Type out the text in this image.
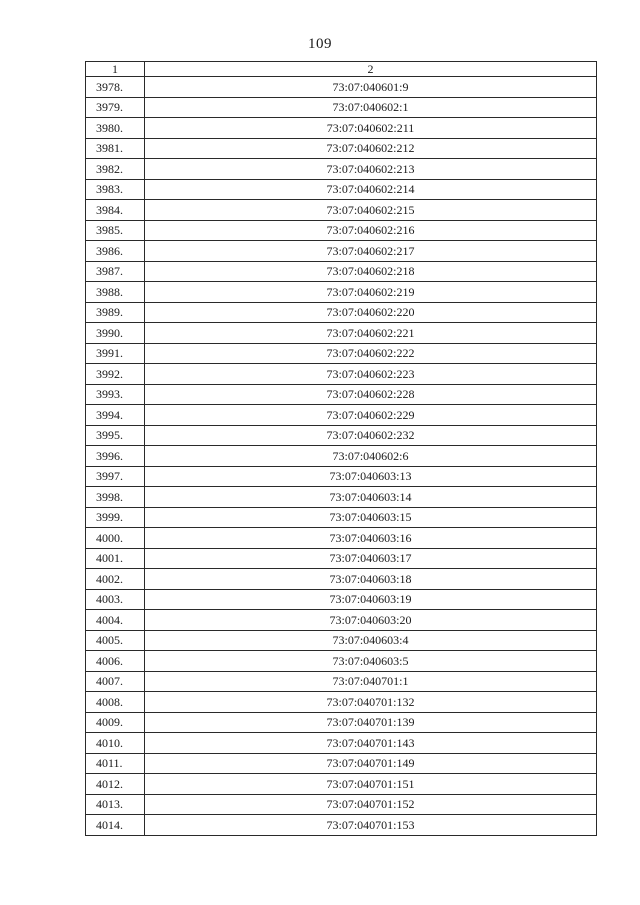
109
1	2
3978.	73:07:040601:9
3979.	73:07:040602:1
3980.	73:07:040602:211
3981.	73:07:040602:212
3982.	73:07:040602:213
3983.	73:07:040602:214
3984.	73:07:040602:215
3985.	73:07:040602:216
3986.	73:07:040602:217
3987.	73:07:040602:218
3988.	73:07:040602:219
3989.	73:07:040602:220
3990.	73:07:040602:221
3991.	73:07:040602:222
3992.	73:07:040602:223
3993.	73:07:040602:228
3994.	73:07:040602:229
3995.	73:07:040602:232
3996.	73:07:040602:6
3997.	73:07:040603:13
3998.	73:07:040603:14
3999.	73:07:040603:15
4000.	73:07:040603:16
4001.	73:07:040603:17
4002.	73:07:040603:18
4003.	73:07:040603:19
4004.	73:07:040603:20
4005.	73:07:040603:4
4006.	73:07:040603:5
4007.	73:07:040701:1
4008.	73:07:040701:132
4009.	73:07:040701:139
4010.	73:07:040701:143
4011.	73:07:040701:149
4012.	73:07:040701:151
4013.	73:07:040701:152
4014.	73:07:040701:153
